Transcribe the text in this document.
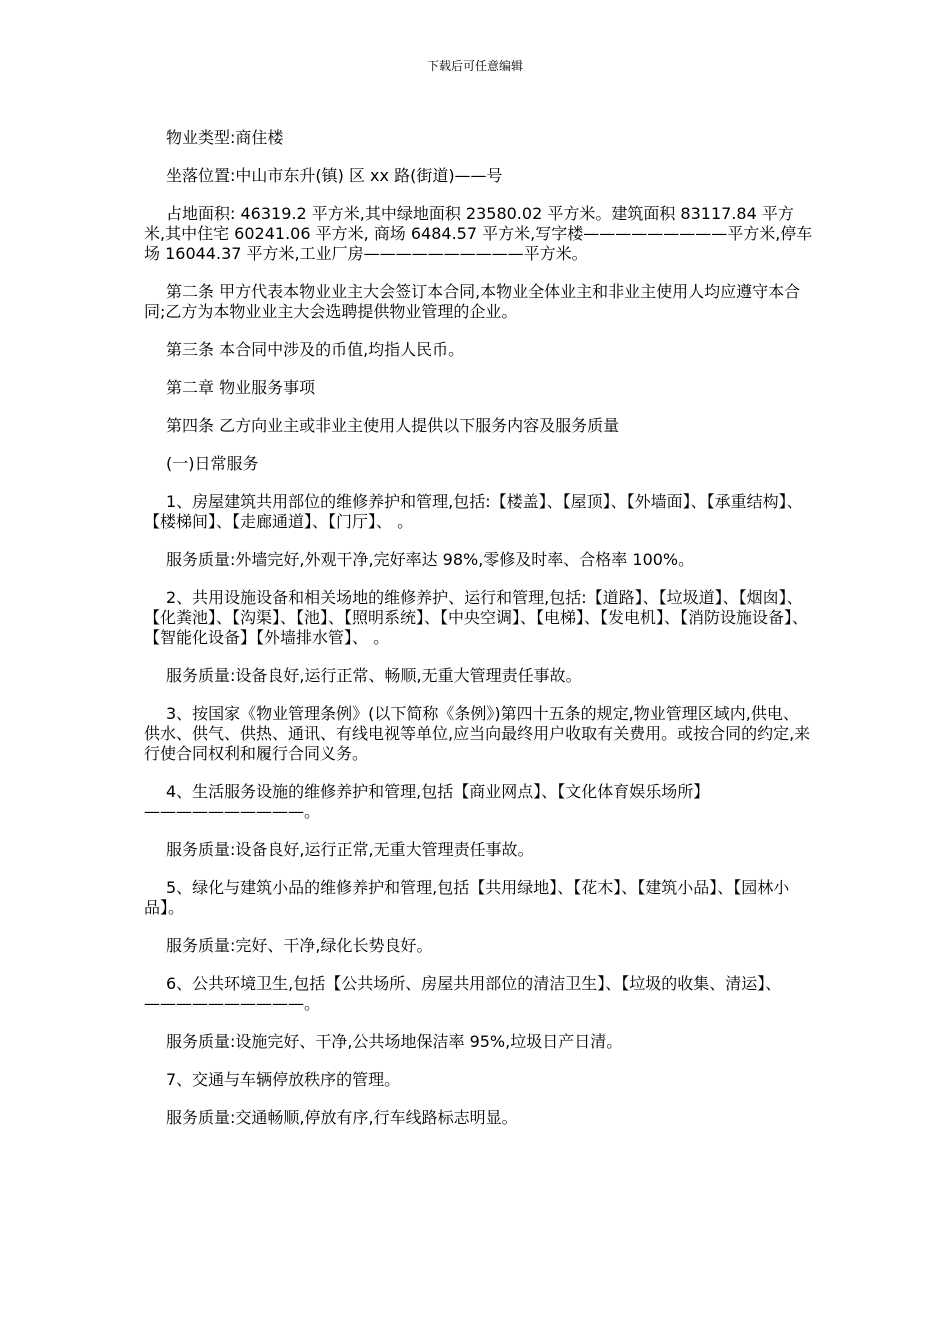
下载后可任意编辑

物业类型:商住楼

坐落位置:中山市东升(镇) 区 xx 路(街道)——号

占地面积: 46319.2 平方米,其中绿地面积 23580.02 平方米。建筑面积 83117.84 平方米,其中住宅 60241.06 平方米, 商场 6484.57 平方米,写字楼—————————平方米,停车场 16044.37 平方米,工业厂房——————————平方米。

第二条 甲方代表本物业业主大会签订本合同,本物业全体业主和非业主使用人均应遵守本合同;乙方为本物业业主大会选聘提供物业管理的企业。

第三条 本合同中涉及的币值,均指人民币。

第二章 物业服务事项

第四条 乙方向业主或非业主使用人提供以下服务内容及服务质量

(一)日常服务

1、房屋建筑共用部位的维修养护和管理,包括:【楼盖】、【屋顶】、【外墙面】、【承重结构】、【楼梯间】、【走廊通道】、【门厅】、 。

服务质量:外墙完好,外观干净,完好率达 98%,零修及时率、合格率 100%。

2、共用设施设备和相关场地的维修养护、运行和管理,包括:【道路】、【垃圾道】、【烟囱】、【化粪池】、【沟渠】、【池】、【照明系统】、【中央空调】、【电梯】、【发电机】、【消防设施设备】、【智能化设备】【外墙排水管】、 。

服务质量:设备良好,运行正常、畅顺,无重大管理责任事故。

3、按国家《物业管理条例》(以下简称《条例》)第四十五条的规定,物业管理区域内,供电、供水、供气、供热、通讯、有线电视等单位,应当向最终用户收取有关费用。或按合同的约定,来行使合同权利和履行合同义务。

4、生活服务设施的维修养护和管理,包括【商业网点】、【文化体育娱乐场所】——————————。

服务质量:设备良好,运行正常,无重大管理责任事故。

5、绿化与建筑小品的维修养护和管理,包括【共用绿地】、【花木】、【建筑小品】、【园林小品】。

服务质量:完好、干净,绿化长势良好。

6、公共环境卫生,包括【公共场所、房屋共用部位的清洁卫生】、【垃圾的收集、清运】、——————————。

服务质量:设施完好、干净,公共场地保洁率 95%,垃圾日产日清。

7、交通与车辆停放秩序的管理。

服务质量:交通畅顺,停放有序,行车线路标志明显。
